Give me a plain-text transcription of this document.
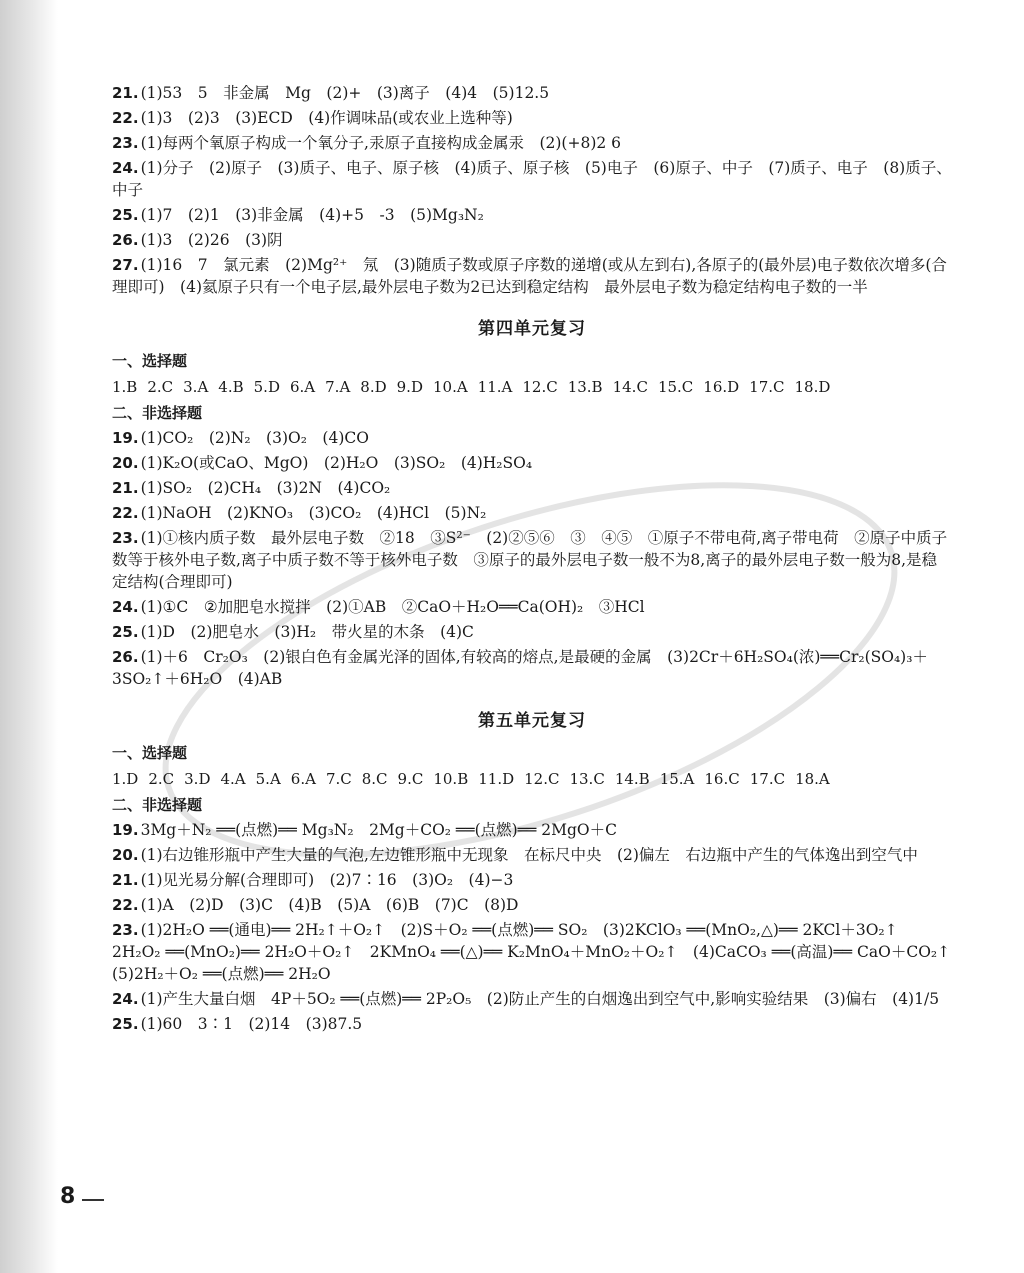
21. (1)53　5　非金属　Mg　(2)+　(3)离子　(4)4　(5)12.5
22. (1)3　(2)3　(3)ECD　(4)作调味品(或农业上选种等)
23. (1)每两个氧原子构成一个氧分子,汞原子直接构成金属汞　(2)(+8)2 6
24. (1)分子　(2)原子　(3)质子、电子、原子核　(4)质子、原子核　(5)电子　(6)原子、中子　(7)质子、电子　(8)质子、中子
25. (1)7　(2)1　(3)非金属　(4)+5　-3　(5)Mg₃N₂
26. (1)3　(2)26　(3)阴
27. (1)16　7　氯元素　(2)Mg²⁺　氖　(3)随质子数或原子序数的递增(或从左到右),各原子的(最外层)电子数依次增多(合理即可)　(4)氦原子只有一个电子层,最外层电子数为2已达到稳定结构　最外层电子数为稳定结构电子数的一半
第四单元复习
一、选择题
1.B 2.C 3.A 4.B 5.D 6.A 7.A 8.D 9.D 10.A 11.A 12.C 13.B 14.C 15.C 16.D 17.C 18.D
二、非选择题
19. (1)CO₂　(2)N₂　(3)O₂　(4)CO
20. (1)K₂O(或CaO、MgO)　(2)H₂O　(3)SO₂　(4)H₂SO₄
21. (1)SO₂　(2)CH₄　(3)2N　(4)CO₂
22. (1)NaOH　(2)KNO₃　(3)CO₂　(4)HCl　(5)N₂
23. (1)①核内质子数　最外层电子数　②18　③S²⁻　(2)②⑤⑥　③　④⑤　①原子不带电荷,离子带电荷　②原子中质子数等于核外电子数,离子中质子数不等于核外电子数　③原子的最外层电子数一般不为8,离子的最外层电子数一般为8,是稳定结构(合理即可)
24. (1)①C　②加肥皂水搅拌　(2)①AB　②CaO＋H₂O══Ca(OH)₂　③HCl
25. (1)D　(2)肥皂水　(3)H₂　带火星的木条　(4)C
26. (1)＋6　Cr₂O₃　(2)银白色有金属光泽的固体,有较高的熔点,是最硬的金属　(3)2Cr＋6H₂SO₄(浓)══Cr₂(SO₄)₃＋3SO₂↑＋6H₂O　(4)AB
第五单元复习
一、选择题
1.D 2.C 3.D 4.A 5.A 6.A 7.C 8.C 9.C 10.B 11.D 12.C 13.C 14.B 15.A 16.C 17.C 18.A
二、非选择题
19. 3Mg＋N₂ ══(点燃)══ Mg₃N₂　2Mg＋CO₂ ══(点燃)══ 2MgO＋C
20. (1)右边锥形瓶中产生大量的气泡,左边锥形瓶中无现象　在标尺中央　(2)偏左　右边瓶中产生的气体逸出到空气中
21. (1)见光易分解(合理即可)　(2)7∶16　(3)O₂　(4)−3
22. (1)A　(2)D　(3)C　(4)B　(5)A　(6)B　(7)C　(8)D
23. (1)2H₂O ══(通电)══ 2H₂↑＋O₂↑　(2)S＋O₂ ══(点燃)══ SO₂　(3)2KClO₃ ══(MnO₂,△)══ 2KCl＋3O₂↑　2H₂O₂ ══(MnO₂)══ 2H₂O＋O₂↑　2KMnO₄ ══(△)══ K₂MnO₄＋MnO₂＋O₂↑　(4)CaCO₃ ══(高温)══ CaO＋CO₂↑　(5)2H₂＋O₂ ══(点燃)══ 2H₂O
24. (1)产生大量白烟　4P＋5O₂ ══(点燃)══ 2P₂O₅　(2)防止产生的白烟逸出到空气中,影响实验结果　(3)偏右　(4)1/5
25. (1)60　3∶1　(2)14　(3)87.5
8
